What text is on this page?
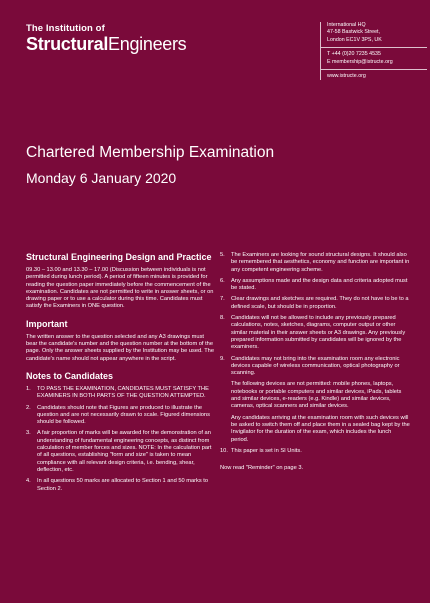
The Institution of
StructuralEngineers
International HQ
47-58 Bastwick Street,
London EC1V 3PS, UK
T +44 (0)20 7235 4535
E membership@istructe.org
www.istructe.org
Chartered Membership Examination
Monday 6 January 2020
Structural Engineering Design and Practice

09.30 – 13.00 and 13.30 – 17.00 (Discussion between individuals is not permitted during lunch period). A period of fifteen minutes is provided for reading the question paper immediately before the commencement of the examination. Candidates are not permitted to write in answer sheets, or on drawing paper or to use a calculator during this time. Candidates must satisfy the Examiners in ONE question.

Important

The written answer to the question selected and any A3 drawings must bear the candidate's number and the question number at the bottom of the page. Only the answer sheets supplied by the Institution may be used. The candidate's name should not appear anywhere in the script.

Notes to Candidates
1.	TO PASS THE EXAMINATION, CANDIDATES MUST SATISFY THE EXAMINERS IN BOTH PARTS OF THE QUESTION ATTEMPTED.
2.	Candidates should note that Figures are produced to illustrate the question and are not necessarily drawn to scale. Figured dimensions should be followed.
3.	A fair proportion of marks will be awarded for the demonstration of an understanding of fundamental engineering concepts, as distinct from calculation of member forces and sizes. NOTE: In the calculation part of all questions, establishing "form and size" is taken to mean compliance with all relevant design criteria, i.e. bending, shear, deflection, etc.
4.	In all questions 50 marks are allocated to Section 1 and 50 marks to Section 2.
5.	The Examiners are looking for sound structural designs. It should also be remembered that aesthetics, economy and function are important in any competent engineering scheme.
6.	Any assumptions made and the design data and criteria adopted must be stated.
7.	Clear drawings and sketches are required. They do not have to be to a defined scale, but should be in proportion.
8.	Candidates will not be allowed to include any previously prepared calculations, notes, sketches, diagrams, computer output or other similar material in their answer sheets or A3 drawings. Any previously prepared information submitted by candidates will be ignored by the examiners.
9.	Candidates may not bring into the examination room any electronic devices capable of wireless communication, optical photography or scanning.

The following devices are not permitted: mobile phones, laptops, notebooks or portable computers and similar devices, iPads, tablets and similar devices, e-readers (e.g. Kindle) and similar devices, cameras, optical scanners and similar devices.

Any candidates arriving at the examination room with such devices will be asked to switch them off and place them in a sealed bag kept by the Invigilator for the duration of the exam, which includes the lunch period.

10. This paper is set in SI Units.
Now read "Reminder" on page 3.
